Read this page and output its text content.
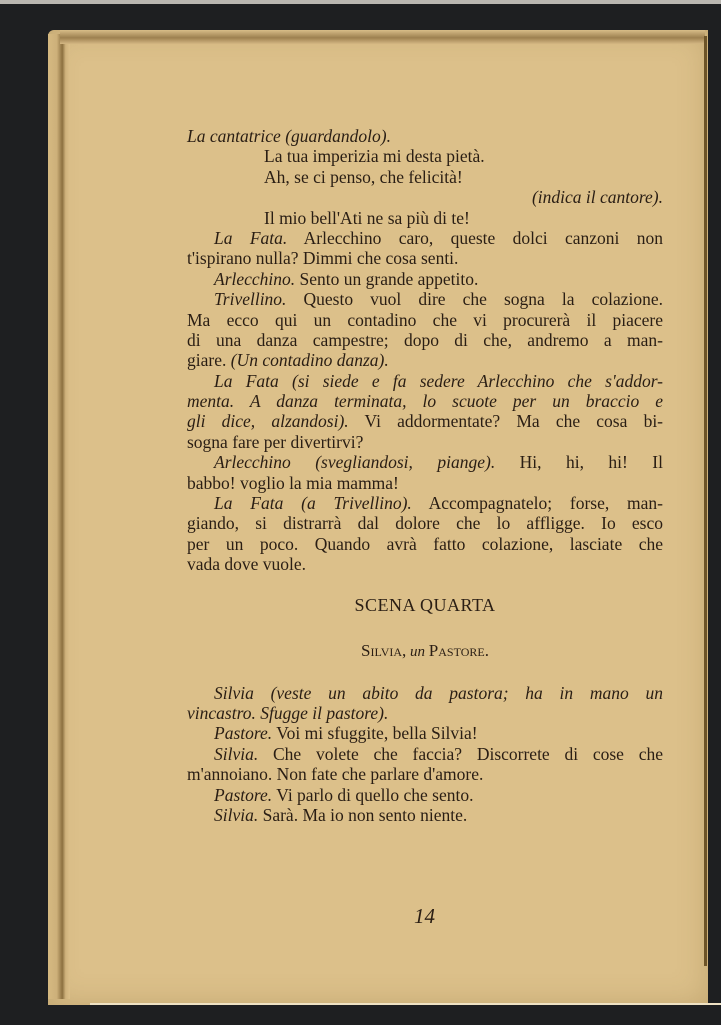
La cantatrice (guardandolo).
La tua imperizia mi desta pietà.
Ah, se ci penso, che felicità!
(indica il cantore).
Il mio bell'Ati ne sa più di te!
La Fata. Arlecchino caro, queste dolci canzoni non
t'ispirano nulla? Dimmi che cosa senti.
Arlecchino. Sento un grande appetito.
Trivellino. Questo vuol dire che sogna la colazione.
Ma ecco qui un contadino che vi procurerà il piacere
di una danza campestre; dopo di che, andremo a man-
giare. (Un contadino danza).
La Fata (si siede e fa sedere Arlecchino che s'addor-
menta. A danza terminata, lo scuote per un braccio e
gli dice, alzandosi). Vi addormentate? Ma che cosa bi-
sogna fare per divertirvi?
Arlecchino (svegliandosi, piange). Hi, hi, hi! Il
babbo! voglio la mia mamma!
La Fata (a Trivellino). Accompagnatelo; forse, man-
giando, si distrarrà dal dolore che lo affligge. Io esco
per un poco. Quando avrà fatto colazione, lasciate che
vada dove vuole.
SCENA QUARTA
Silvia, un Pastore.
Silvia (veste un abito da pastora; ha in mano un
vincastro. Sfugge il pastore).
Pastore. Voi mi sfuggite, bella Silvia!
Silvia. Che volete che faccia? Discorrete di cose che
m'annoiano. Non fate che parlare d'amore.
Pastore. Vi parlo di quello che sento.
Silvia. Sarà. Ma io non sento niente.
14
